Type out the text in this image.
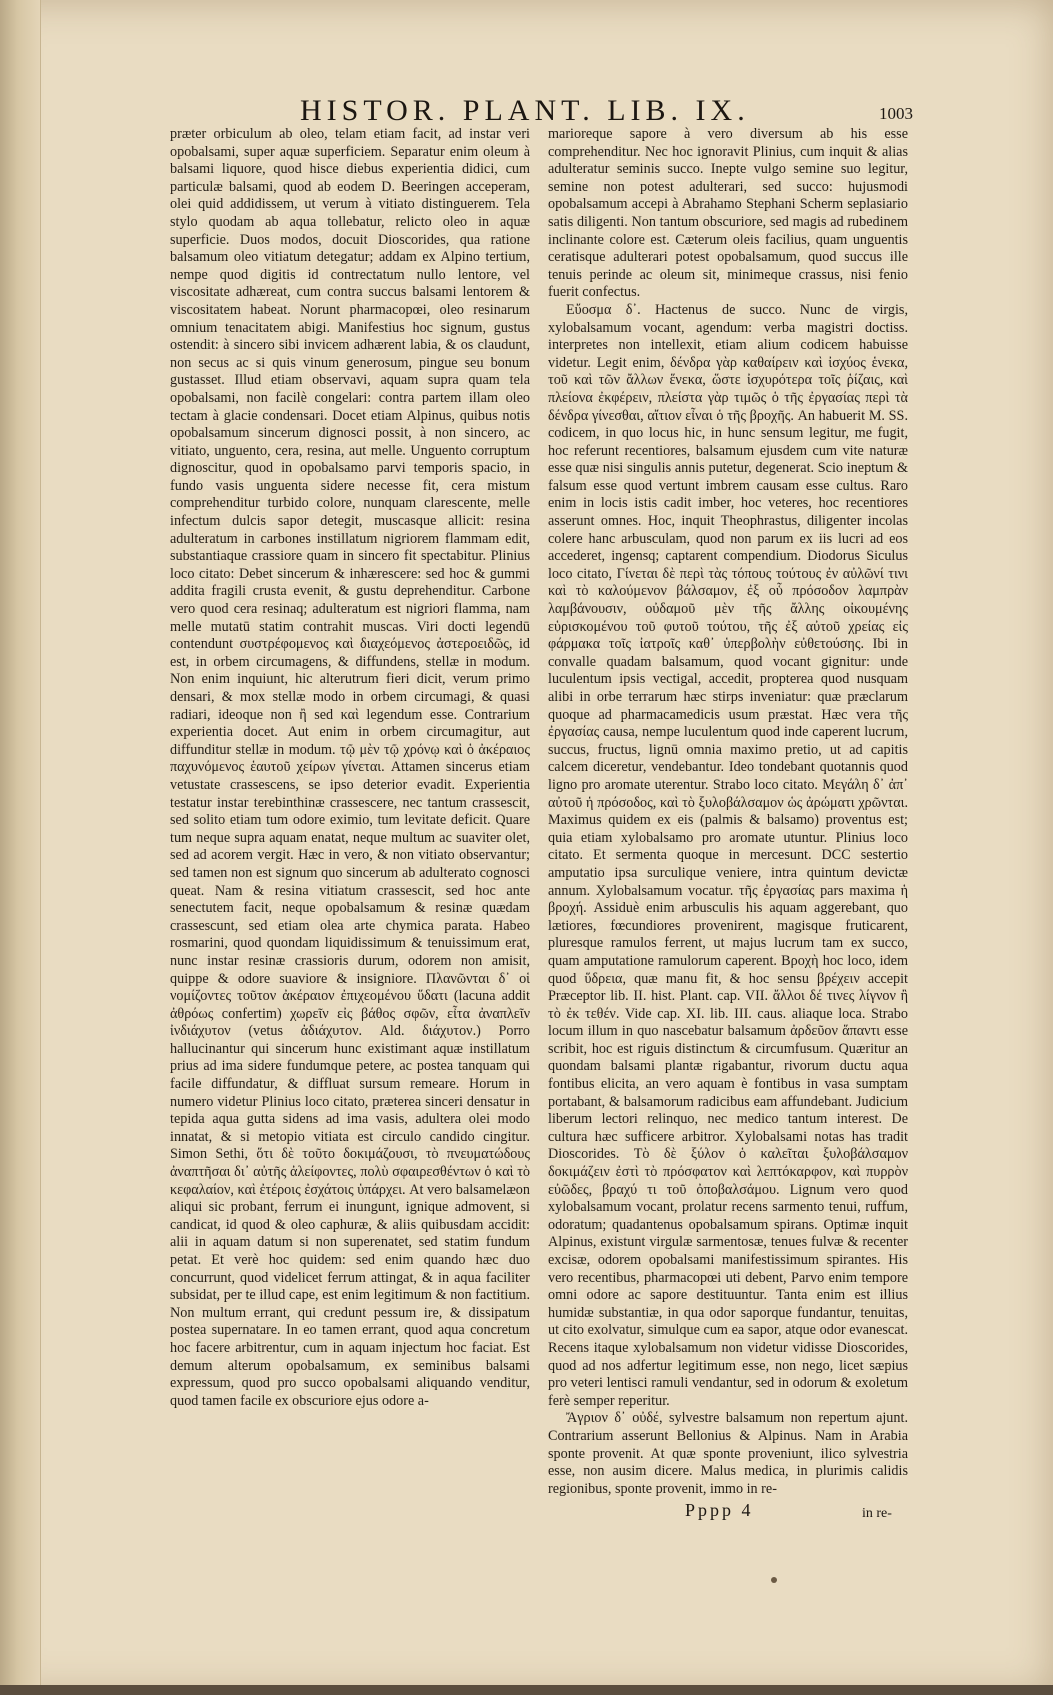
HISTOR. PLANT. LIB. IX.	1003

præter orbiculum ab oleo, telam etiam facit, ad instar veri opobalsami, super aquæ superficiem. Separatur enim oleum à balsami liquore, quod hisce diebus experientia didici, cum particulæ balsami, quod ab eodem D. Beeringen acceperam, olei quid addidissem, ut verum à vitiato distinguerem. Tela stylo quodam ab aqua tollebatur, relicto oleo in aquæ superficie. Duos modos, docuit Dioscorides, qua ratione balsamum oleo vitiatum detegatur; addam ex Alpino tertium, nempe quod digitis id contrectatum nullo lentore, vel viscositate adhæreat, cum contra succus balsami lentorem & viscositatem habeat. Norunt pharmacopœi, oleo resinarum omnium tenacitatem abigi. Manifestius hoc signum, gustus ostendit: à sincero sibi invicem adhærent labia, & os claudunt, non secus ac si quis vinum generosum, pingue seu bonum gustasset. Illud etiam observavi, aquam supra quam tela opobalsami, non facilè congelari: contra partem illam oleo tectam à glacie condensari. Docet etiam Alpinus, quibus notis opobalsamum sincerum dignosci possit, à non sincero, ac vitiato, unguento, cera, resina, aut melle. Unguento corruptum dignoscitur, quod in opobalsamo parvi temporis spacio, in fundo vasis unguenta sidere necesse fit, cera mistum comprehenditur turbido colore, nunquam clarescente, melle infectum dulcis sapor detegit, muscasque allicit: resina adulteratum in carbones instillatum nigriorem flammam edit, substantiaque crassiore quam in sincero fit spectabitur. Plinius loco citato: Debet sincerum & inhærescere: sed hoc & gummi addita fragili crusta evenit, & gustu deprehenditur. Carbone vero quod cera resinaq; adulteratum est nigriori flamma, nam melle mutatū statim contrahit muscas. Viri docti legendū contendunt συστρέφομενος καὶ διαχεόμενος ἀστεροειδῶς, id est, in orbem circumagens, & diffundens, stellæ in modum. Non enim inquiunt, hic alterutrum fieri dicit, verum primo densari, & mox stellæ modo in orbem circumagi, & quasi radiari, ideoque non ἢ sed καὶ legendum esse. Contrarium experientia docet. Aut enim in orbem circumagitur, aut diffunditur stellæ in modum. τῷ μὲν τῷ χρόνῳ καὶ ὁ ἀκέραιος παχυνόμενος ἑαυτοῦ χείρων γίνεται. Attamen sincerus etiam vetustate crassescens, se ipso deterior evadit. Experientia testatur instar terebinthinæ crassescere, nec tantum crassescit, sed solito etiam tum odore eximio, tum levitate deficit. Quare tum neque supra aquam enatat, neque multum ac suaviter olet, sed ad acorem vergit. Hæc in vero, & non vitiato observantur; sed tamen non est signum quo sincerum ab adulterato cognosci queat. Nam & resina vitiatum crassescit, sed hoc ante senectutem facit, neque opobalsamum & resinæ quædam crassescunt, sed etiam olea arte chymica parata. Habeo rosmarini, quod quondam liquidissimum & tenuissimum erat, nunc instar resinæ crassioris durum, odorem non amisit, quippe & odore suaviore & insigniore. Πλανῶνται δ᾽ οἱ νομίζοντες τοῦτον ἀκέραιον ἐπιχεομένου ὕδατι (lacuna addit ἀθρόως confertim) χωρεῖν εἰς βάθος σφῶν, εἶτα ἀναπλεῖν ἰνδιάχυτον (vetus ἀδιάχυτον. Ald. διάχυτον.) Porro hallucinantur qui sincerum hunc existimant aquæ instillatum prius ad ima sidere fundumque petere, ac postea tanquam qui facile diffundatur, & diffluat sursum remeare. Horum in numero videtur Plinius loco citato, præterea sinceri densatur in tepida aqua gutta sidens ad ima vasis, adultera olei modo innatat, & si metopio vitiata est circulo candido cingitur. Simon Sethi, ὅτι δὲ τοῦτο δοκιμάζουσι, τὸ πνευματώδους ἀναπτῆσαι δι᾽ αὐτῆς ἀλείφοντες, πολὺ σφαιρεσθέντων ὁ καὶ τὸ κεφαλαίον, καὶ ἐτέροις ἐσχάτοις ὑπάρχει. At vero balsamelæon aliqui sic probant, ferrum ei inungunt, ignique admovent, si candicat, id quod & oleo caphuræ, & aliis quibusdam accidit: alii in aquam datum si non superenatet, sed statim fundum petat. Et verè hoc quidem: sed enim quando hæc duo concurrunt, quod videlicet ferrum attingat, & in aqua faciliter subsidat, per te illud cape, est enim legitimum & non factitium. Non multum errant, qui credunt pessum ire, & dissipatum postea supernatare. In eo tamen errant, quod aqua concretum hoc facere arbitrentur, cum in aquam injectum hoc faciat. Est demum alterum opobalsamum, ex seminibus balsami expressum, quod pro succo opobalsami aliquando venditur, quod tamen facile ex obscuriore ejus odore a-

marioreque sapore à vero diversum ab his esse comprehenditur. Nec hoc ignoravit Plinius, cum inquit & alias adulteratur seminis succo. Inepte vulgo semine suo legitur, semine non potest adulterari, sed succo: hujusmodi opobalsamum accepi à Abrahamo Stephani Scherm seplasiario satis diligenti. Non tantum obscuriore, sed magis ad rubedinem inclinante colore est. Cæterum oleis facilius, quam unguentis ceratisque adulterari potest opobalsamum, quod succus ille tenuis perinde ac oleum sit, minimeque crassus, nisi fenio fuerit confectus.

Εὔοσμα δ᾽. Hactenus de succo. Nunc de virgis, xylobalsamum vocant, agendum: verba magistri doctiss. interpretes non intellexit, etiam alium codicem habuisse videtur. Legit enim, δένδρα γὰρ καθαίρειν καὶ ἰσχύος ἑνεκα, τοῦ καὶ τῶν ἄλλων ἕνεκα, ὥστε ἰσχυρότερα τοῖς ῥίζαις, καὶ πλείονα ἐκφέρειν, πλείστα γὰρ τιμῶς ὁ τῆς ἐργασίας περὶ τὰ δένδρα γίνεσθαι, αἴτιον εἶναι ὁ τῆς βροχῆς. An habuerit M. SS. codicem, in quo locus hic, in hunc sensum legitur, me fugit, hoc referunt recentiores, balsamum ejusdem cum vite naturæ esse quæ nisi singulis annis putetur, degenerat. Scio ineptum & falsum esse quod vertunt imbrem causam esse cultus. Raro enim in locis istis cadit imber, hoc veteres, hoc recentiores asserunt omnes. Hoc, inquit Theophrastus, diligenter incolas colere hanc arbusculam, quod non parum ex iis lucri ad eos accederet, ingensq; captarent compendium. Diodorus Siculus loco citato, Γίνεται δὲ περὶ τὰς τόπους τούτους ἐν αὐλῶνί τινι καὶ τὸ καλούμενον βάλσαμον, ἐξ οὗ πρόσοδον λαμπρὰν λαμβάνουσιν, οὐδαμοῦ μὲν τῆς ἄλλης οἰκουμένης εὑρισκομένου τοῦ φυτοῦ τούτου, τῆς ἐξ αὐτοῦ χρείας εἰς φάρμακα τοῖς ἰατροῖς καθ᾽ ὑπερβολὴν εὐθετούσης. Ibi in convalle quadam balsamum, quod vocant gignitur: unde luculentum ipsis vectigal, accedit, propterea quod nusquam alibi in orbe terrarum hæc stirps inveniatur: quæ præclarum quoque ad pharmacamedicis usum præstat. Hæc vera τῆς ἐργασίας causa, nempe luculentum quod inde caperent lucrum, succus, fructus, lignū omnia maximo pretio, ut ad capitis calcem diceretur, vendebantur. Ideo tondebant quotannis quod ligno pro aromate uterentur. Strabo loco citato. Μεγάλη δ᾽ ἀπ᾽ αὐτοῦ ἡ πρόσοδος, καὶ τὸ ξυλοβάλσαμον ὡς ἀρώματι χρῶνται. Maximus quidem ex eis (palmis & balsamo) proventus est; quia etiam xylobalsamo pro aromate utuntur. Plinius loco citato. Et sermenta quoque in mercesunt. DCC sestertio amputatio ipsa surculique veniere, intra quintum devictæ annum. Xylobalsamum vocatur. τῆς ἐργασίας pars maxima ἡ βροχή. Assiduè enim arbusculis his aquam aggerebant, quo lætiores, fœcundiores provenirent, magisque fruticarent, pluresque ramulos ferrent, ut majus lucrum tam ex succo, quam amputatione ramulorum caperent. Βροχὴ hoc loco, idem quod ὕδρεια, quæ manu fit, & hoc sensu βρέχειν accepit Præceptor lib. II. hist. Plant. cap. VII. ἄλλοι δέ τινες λίγνον ἢ τὸ ἐκ τεθέν. Vide cap. XI. lib. III. caus. aliaque loca. Strabo locum illum in quo nascebatur balsamum ἀρδεῦον ἅπαντι esse scribit, hoc est riguis distinctum & circumfusum. Quæritur an quondam balsami plantæ rigabantur, rivorum ductu aqua fontibus elicita, an vero aquam è fontibus in vasa sumptam portabant, & balsamorum radicibus eam affundebant. Judicium liberum lectori relinquo, nec medico tantum interest. De cultura hæc sufficere arbitror. Xylobalsami notas has tradit Dioscorides. Τὸ δὲ ξύλον ὁ καλεῖται ξυλοβάλσαμον δοκιμάζειν ἐστὶ τὸ πρόσφατον καὶ λεπτόκαρφον, καὶ πυρρὸν εὐῶδες, βραχύ τι τοῦ ὀποβαλσάμου. Lignum vero quod xylobalsamum vocant, prolatur recens sarmento tenui, ruffum, odoratum; quadantenus opobalsamum spirans. Optimæ inquit Alpinus, existunt virgulæ sarmentosæ, tenues fulvæ & recenter excisæ, odorem opobalsami manifestissimum spirantes. His vero recentibus, pharmacopœi uti debent, Parvo enim tempore omni odore ac sapore destituuntur. Tanta enim est illius humidæ substantiæ, in qua odor saporque fundantur, tenuitas, ut cito exolvatur, simulque cum ea sapor, atque odor evanescat. Recens itaque xylobalsamum non videtur vidisse Dioscorides, quod ad nos adfertur legitimum esse, non nego, licet sæpius pro veteri lentisci ramuli vendantur, sed in odorum & exoletum ferè semper reperitur.

Ἄγριον δ᾽ οὐδέ, sylvestre balsamum non repertum ajunt. Contrarium asserunt Bellonius & Alpinus. Nam in Arabia sponte provenit. At quæ sponte proveniunt, ilico sylvestria esse, non ausim dicere. Malus medica, in plurimis calidis regionibus, sponte provenit, immo in re-

Pppp 4	in re-
